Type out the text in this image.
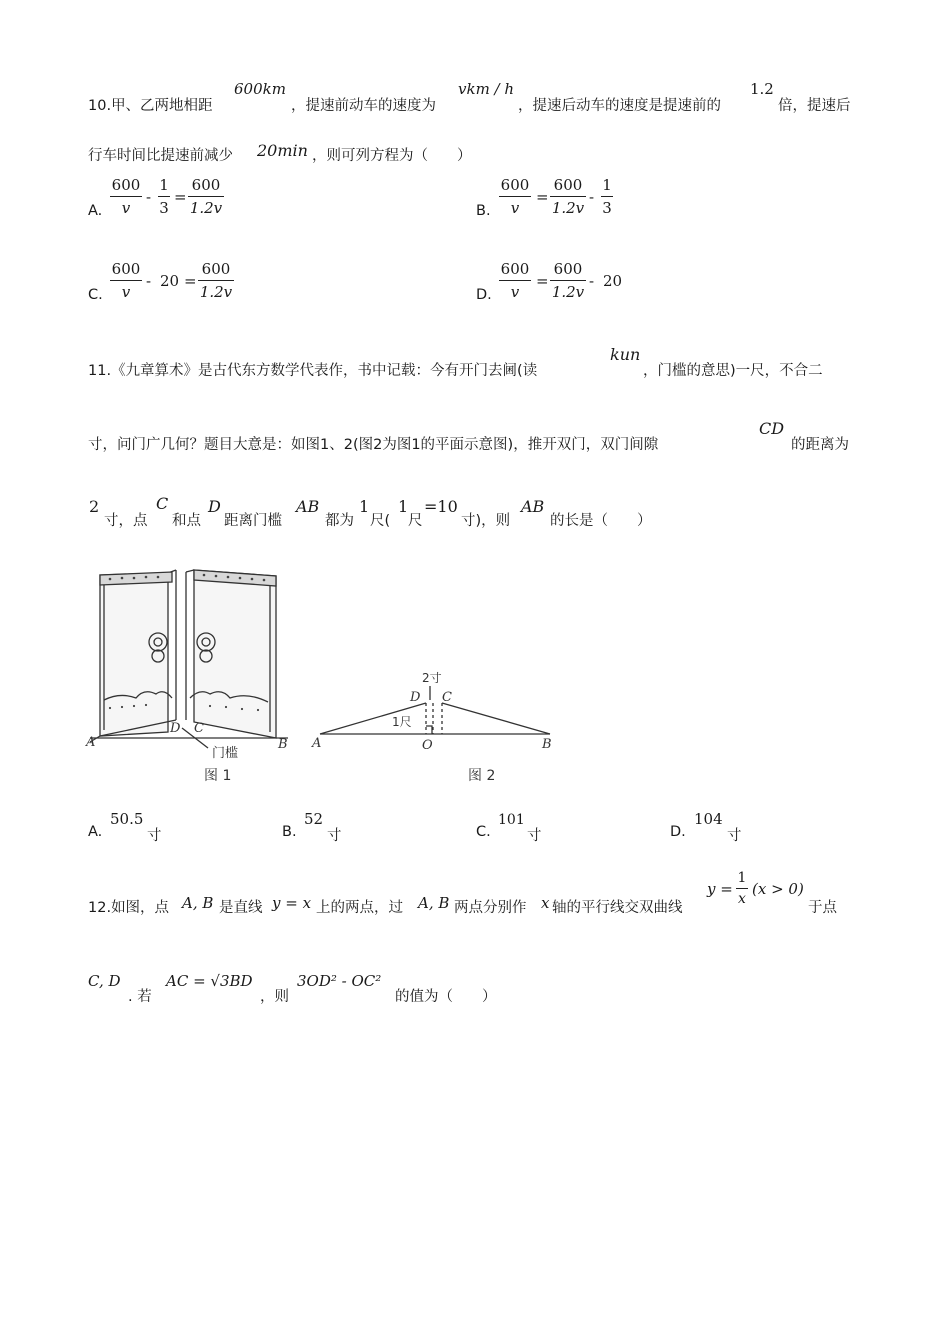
10.甲、乙两地相距
600km
，提速前动车的速度为
vkm / h
，提速后动车的速度是提速前的
1.2
倍，提速后
行车时间比提速前减少 20min ，则可列方程为（　　）
A. $\frac{600}{v} - \frac{1}{3} = \frac{600}{1.2v}$	B. $\frac{600}{v} = \frac{600}{1.2v} - \frac{1}{3}$
C. $\frac{600}{v} - 20 = \frac{600}{1.2v}$	D. $\frac{600}{v} = \frac{600}{1.2v} - 20$
11.《九章算术》是古代东方数学代表作，书中记载：今有开门去阃(读
kun
，门槛的意思)一尺，不合二
寸，问门广几何？题目大意是：如图1、2(图2为图1的平面示意图)，推开双门，双门间隙
CD
的距离为
2
寸，点
C
和点
D
距离门槛
AB
都为
1
尺(
1
尺
=10
寸)，则
AB
的长是（　　）
A	B
D C
门槛
图 1
A	B
D C
O
2寸
1尺
图 2
A.
50.5
寸	B.
52
寸	C.
101
寸	D.
104
寸
12.如图，点 A, B 是直线 y = x 上的两点，过 A, B 两点分别作 x 轴的平行线交双曲线
$y = \frac{1}{x} (x > 0)$
于点
C, D
. 若
AC = √3BD
，则
3OD² - OC²
的值为（　　）
